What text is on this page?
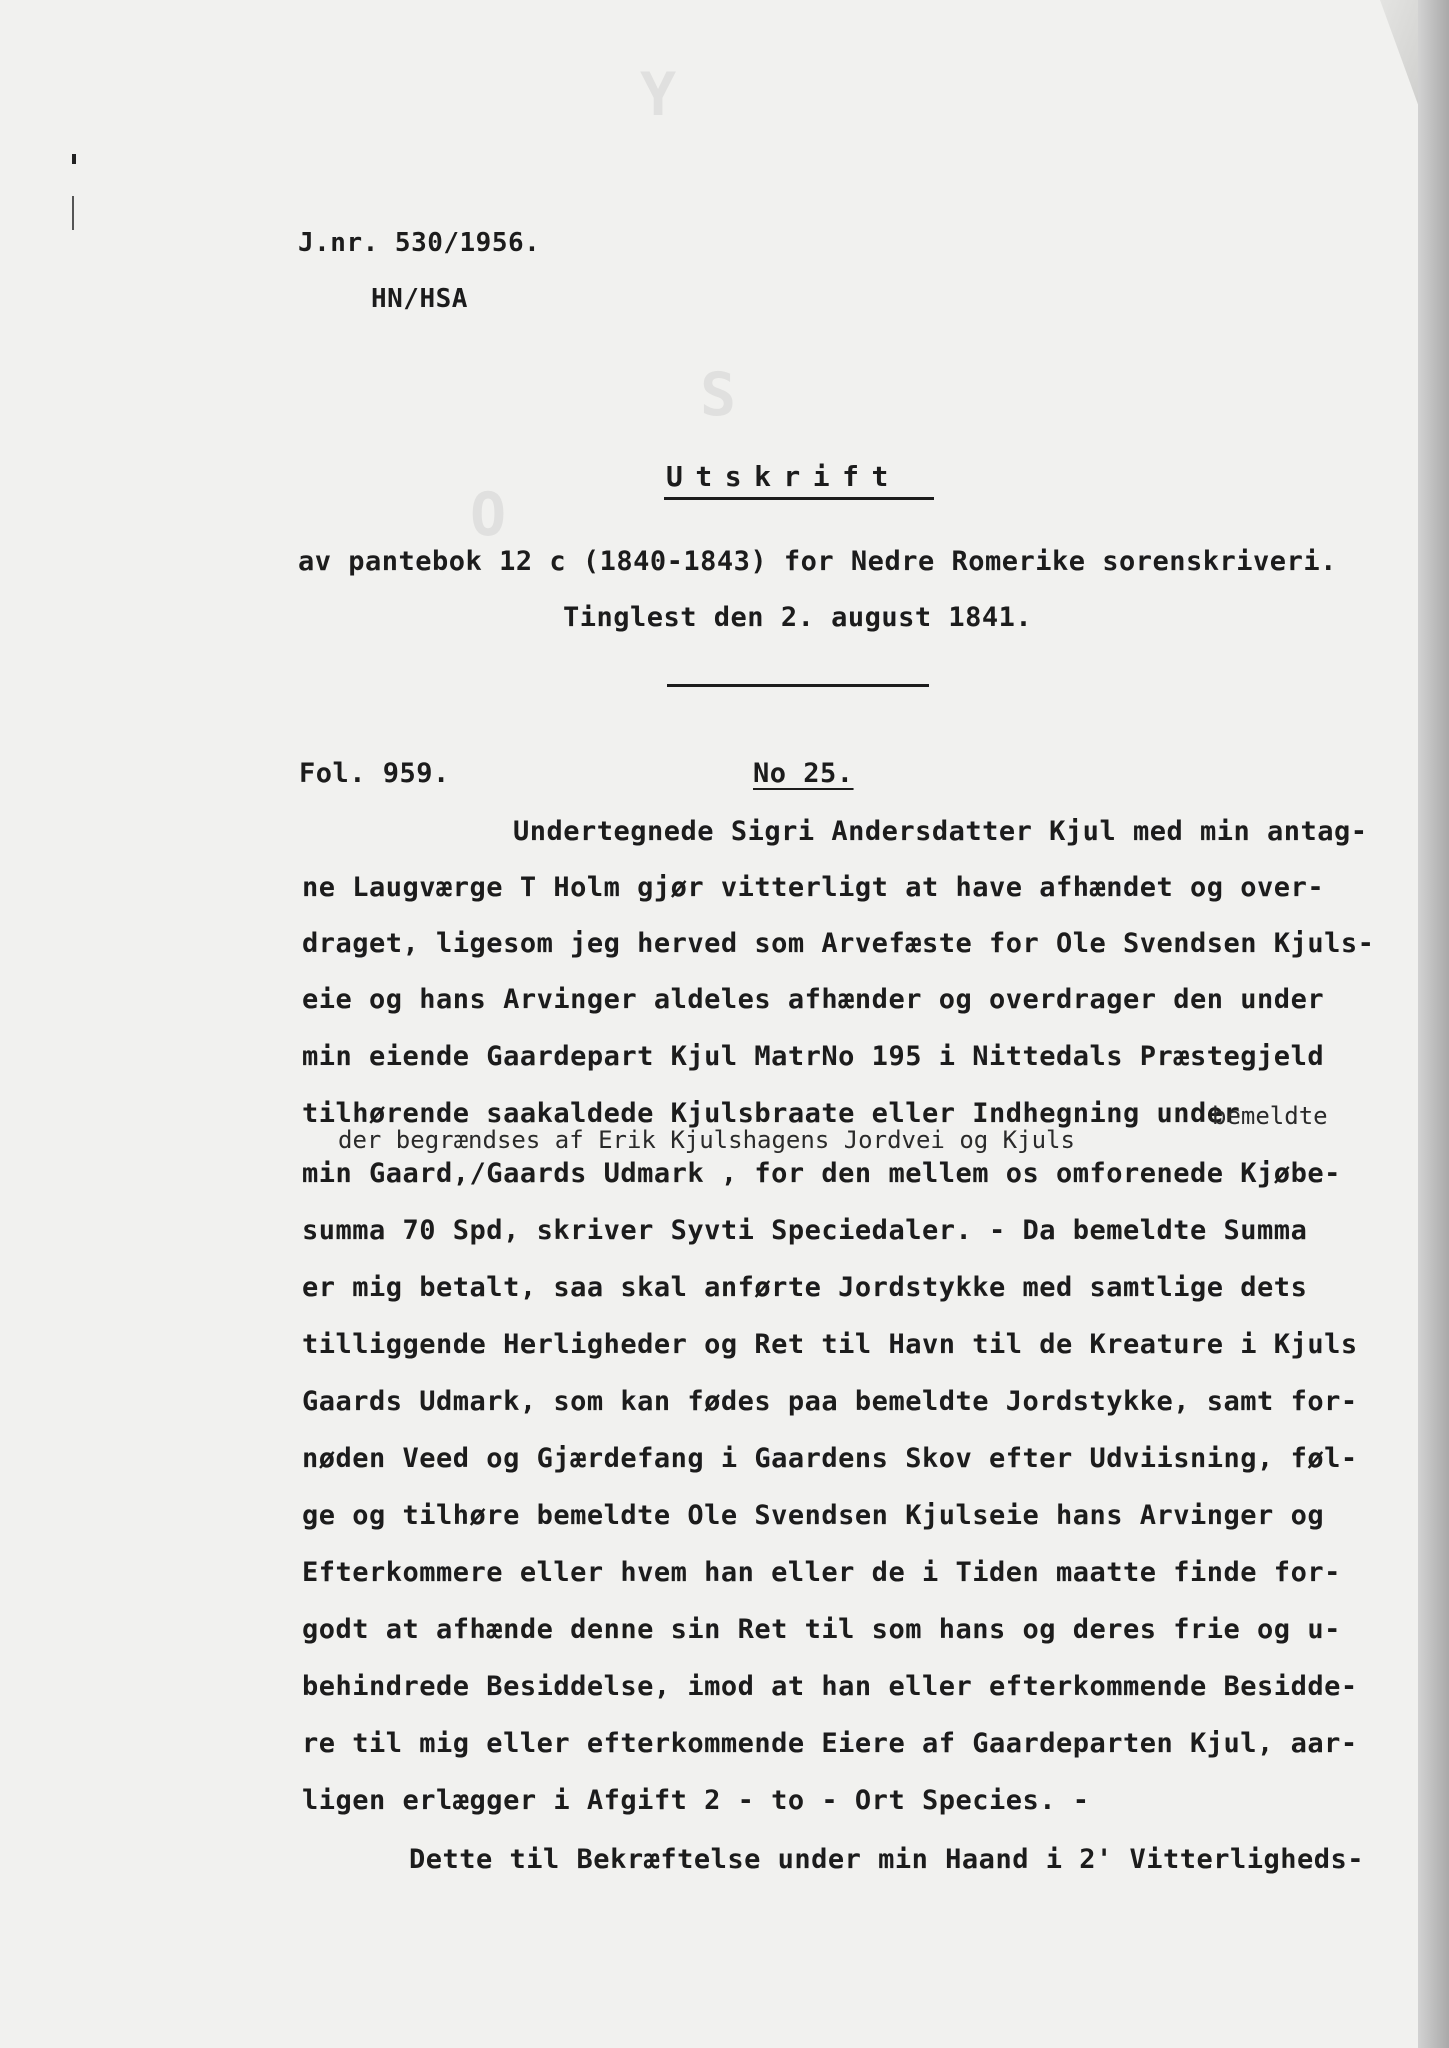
Y
S
O
J.nr. 530/1956.
HN/HSA
Utskrift
av pantebok 12 c (1840-1843) for Nedre Romerike sorenskriveri.
Tinglest den 2. august 1841.
Fol. 959.	No 25.
Undertegnede Sigri Andersdatter Kjul med min antag-
ne Laugværge T Holm gjør vitterligt at have afhændet og over-
draget, ligesom jeg herved som Arvefæste for Ole Svendsen Kjuls-
eie og hans Arvinger aldeles afhænder og overdrager den under
min eiende Gaardepart Kjul MatrNo 195 i Nittedals Præstegjeld
tilhørende saakaldede Kjulsbraate eller Indhegning under
bemeldte
der begrændses af Erik Kjulshagens Jordvei og Kjuls
min Gaard,/Gaards Udmark , for den mellem os omforenede Kjøbe-
summa 70 Spd, skriver Syvti Speciedaler. - Da bemeldte Summa
er mig betalt, saa skal anførte Jordstykke med samtlige dets
tilliggende Herligheder og Ret til Havn til de Kreature i Kjuls
Gaards Udmark, som kan fødes paa bemeldte Jordstykke, samt for-
nøden Veed og Gjærdefang i Gaardens Skov efter Udviisning, føl-
ge og tilhøre bemeldte Ole Svendsen Kjulseie hans Arvinger og
Efterkommere eller hvem han eller de i Tiden maatte finde for-
godt at afhænde denne sin Ret til som hans og deres frie og u-
behindrede Besiddelse, imod at han eller efterkommende Besidde-
re til mig eller efterkommende Eiere af Gaardeparten Kjul, aar-
ligen erlægger i Afgift 2 - to - Ort Species. -
Dette til Bekræftelse under min Haand i 2' Vitterligheds-
